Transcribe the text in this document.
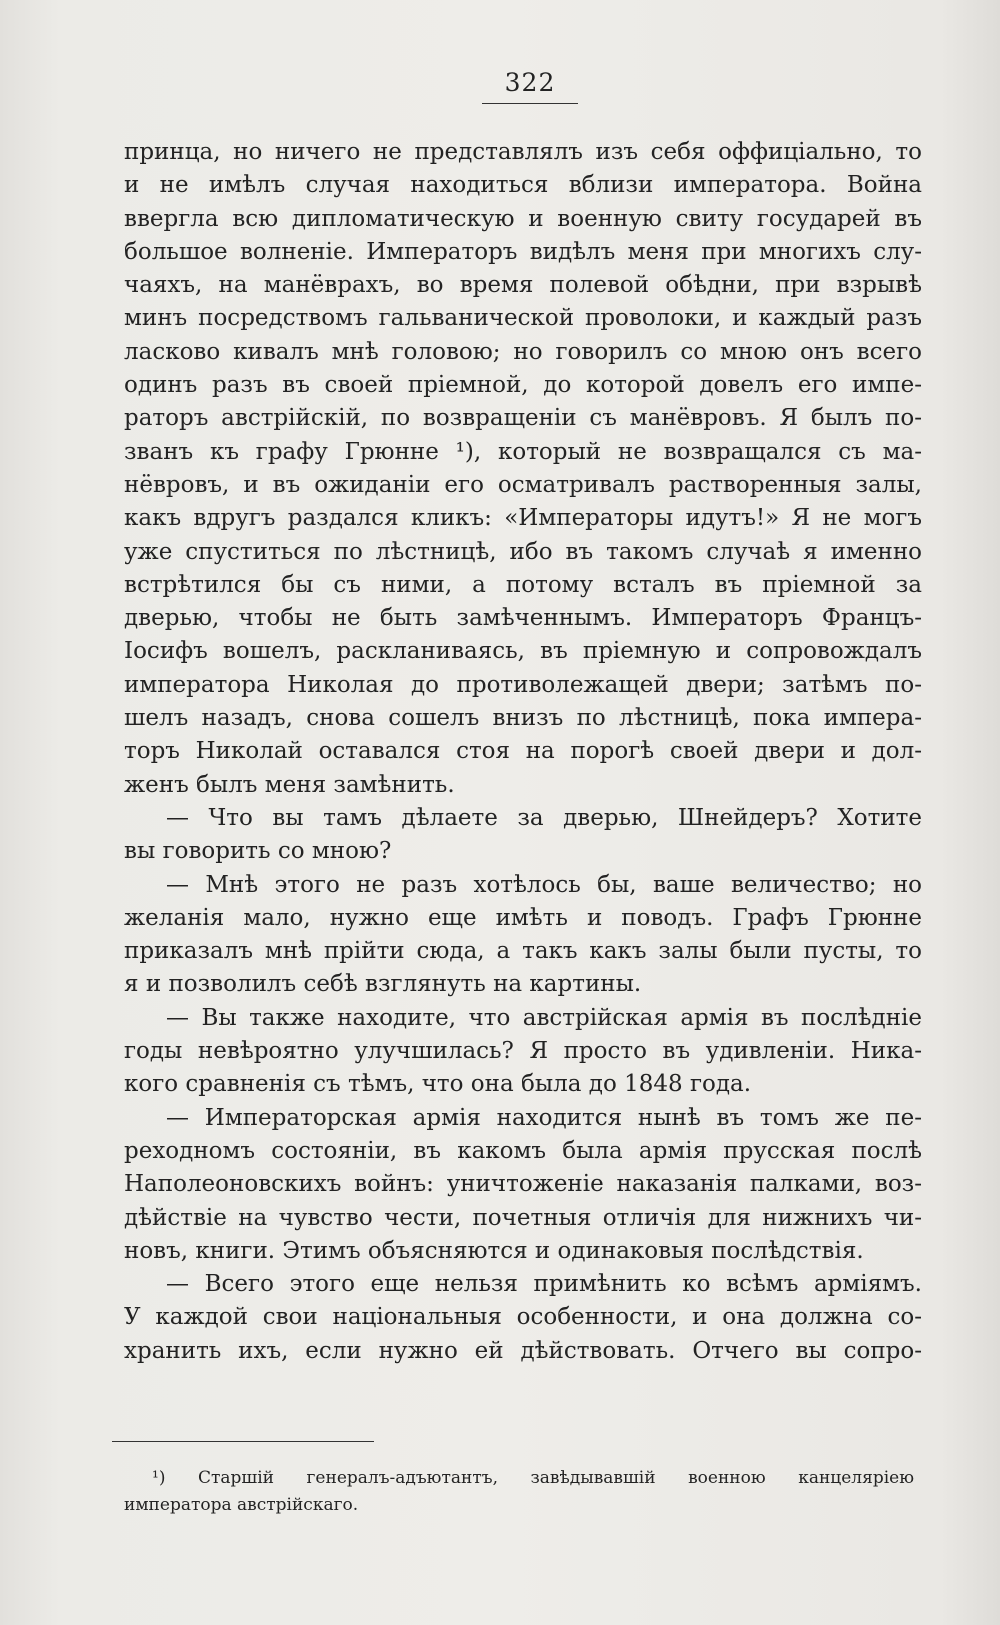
322
принца, но ничего не представлялъ изъ себя оффиціально, то
и не имѣлъ случая находиться вблизи императора. Война
ввергла всю дипломатическую и военную свиту государей въ
большое волненіе. Императоръ видѣлъ меня при многихъ слу-
чаяхъ, на манёврахъ, во время полевой обѣдни, при взрывѣ
минъ посредствомъ гальванической проволоки, и каждый разъ
ласково кивалъ мнѣ головою; но говорилъ со мною онъ всего
одинъ разъ въ своей пріемной, до которой довелъ его импе-
раторъ австрійскій, по возвращеніи съ манёвровъ. Я былъ по-
званъ къ графу Грюнне ¹), который не возвращался съ ма-
нёвровъ, и въ ожиданіи его осматривалъ растворенныя залы,
какъ вдругъ раздался кликъ: «Императоры идутъ!» Я не могъ
уже спуститься по лѣстницѣ, ибо въ такомъ случаѣ я именно
встрѣтился бы съ ними, а потому всталъ въ пріемной за
дверью, чтобы не быть замѣченнымъ. Императоръ Францъ-
Іосифъ вошелъ, раскланиваясь, въ пріемную и сопровождалъ
императора Николая до противолежащей двери; затѣмъ по-
шелъ назадъ, снова сошелъ внизъ по лѣстницѣ, пока импера-
торъ Николай оставался стоя на порогѣ своей двери и дол-
женъ былъ меня замѣнить.
— Что вы тамъ дѣлаете за дверью, Шнейдеръ? Хотите
вы говорить со мною?
— Мнѣ этого не разъ хотѣлось бы, ваше величество; но
желанія мало, нужно еще имѣть и поводъ. Графъ Грюнне
приказалъ мнѣ прійти сюда, а такъ какъ залы были пусты, то
я и позволилъ себѣ взглянуть на картины.
— Вы также находите, что австрійская армія въ послѣдніе
годы невѣроятно улучшилась? Я просто въ удивленіи. Ника-
кого сравненія съ тѣмъ, что она была до 1848 года.
— Императорская армія находится нынѣ въ томъ же пе-
реходномъ состояніи, въ какомъ была армія прусская послѣ
Наполеоновскихъ войнъ: уничтоженіе наказанія палками, воз-
дѣйствіе на чувство чести, почетныя отличія для нижнихъ чи-
новъ, книги. Этимъ объясняются и одинаковыя послѣдствія.
— Всего этого еще нельзя примѣнить ко всѣмъ арміямъ.
У каждой свои національныя особенности, и она должна со-
хранить ихъ, если нужно ей дѣйствовать. Отчего вы сопро-
¹) Старшій генералъ-адъютантъ, завѣдывавшій военною канцеляріею
императора австрійскаго.
